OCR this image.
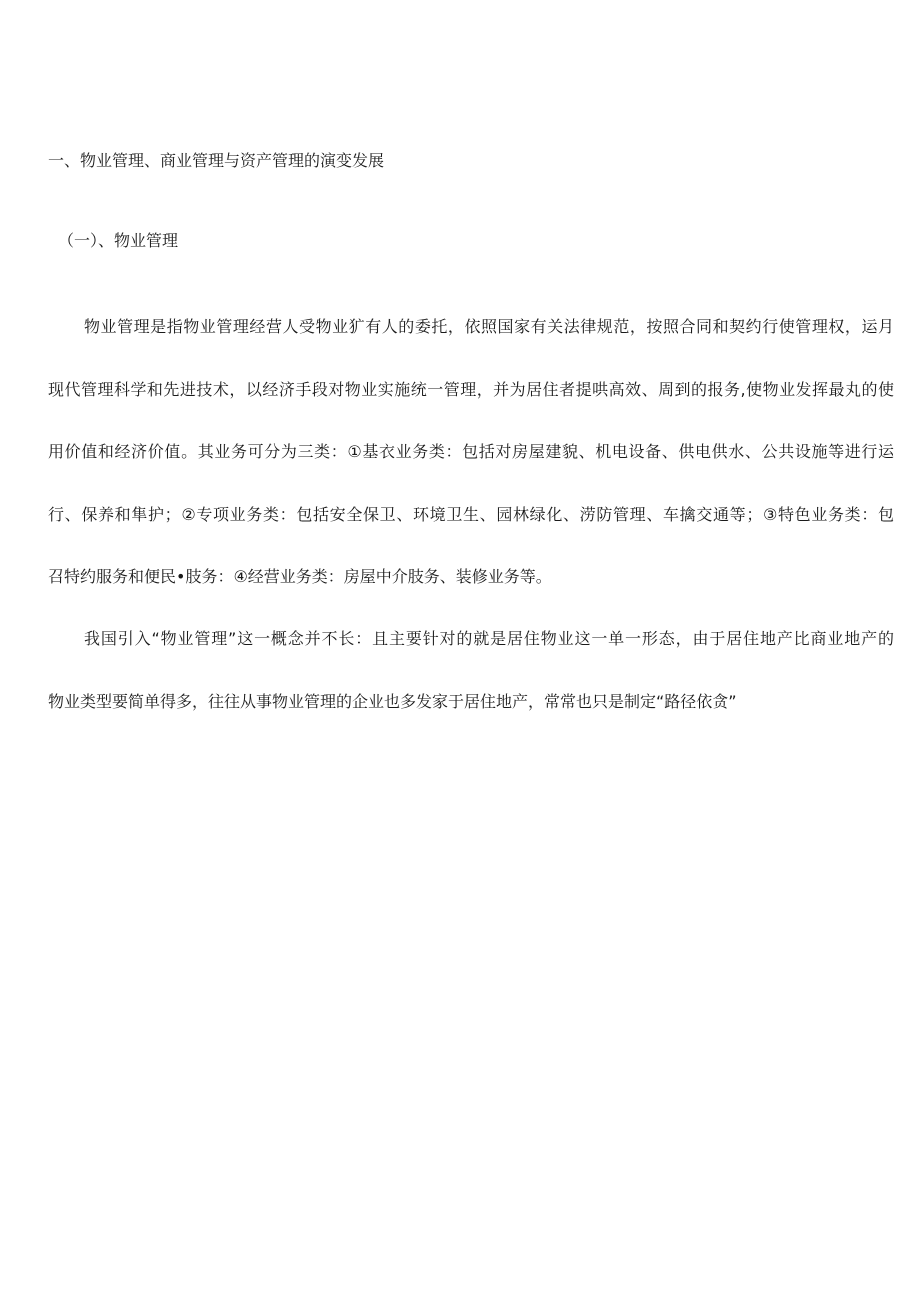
一、物业管理、商业管理与资产管理的演变发展
（一）、物业管理
物业管理是指物业管理经营人受物业犷有人的委托，依照国家有关法律规范，按照合同和契约行使管理权，运月
现代管理科学和先进技术，以经济手段对物业实施统一管理，并为居住者提哄高效、周到的报务,使物业发挥最丸的使
用价值和经济价值。其业务可分为三类：①基衣业务类：包括对房屋建貌、机电设备、供电供水、公共设施等进行运
行、保养和隼护；②专项业务类：包括安全保卫、环境卫生、园林绿化、涝防管理、车擒交通等；③特色业务类：包
召特约服务和便民•肢务：④经营业务类：房屋中介肢务、装修业务等。
我国引入“物业管理”这一概念并不长：且主要针对的就是居住物业这一单一形态，由于居住地产比商业地产的
物业类型要简单得多，往往从事物业管理的企业也多发家于居住地产，常常也只是制定“路径依贪”
